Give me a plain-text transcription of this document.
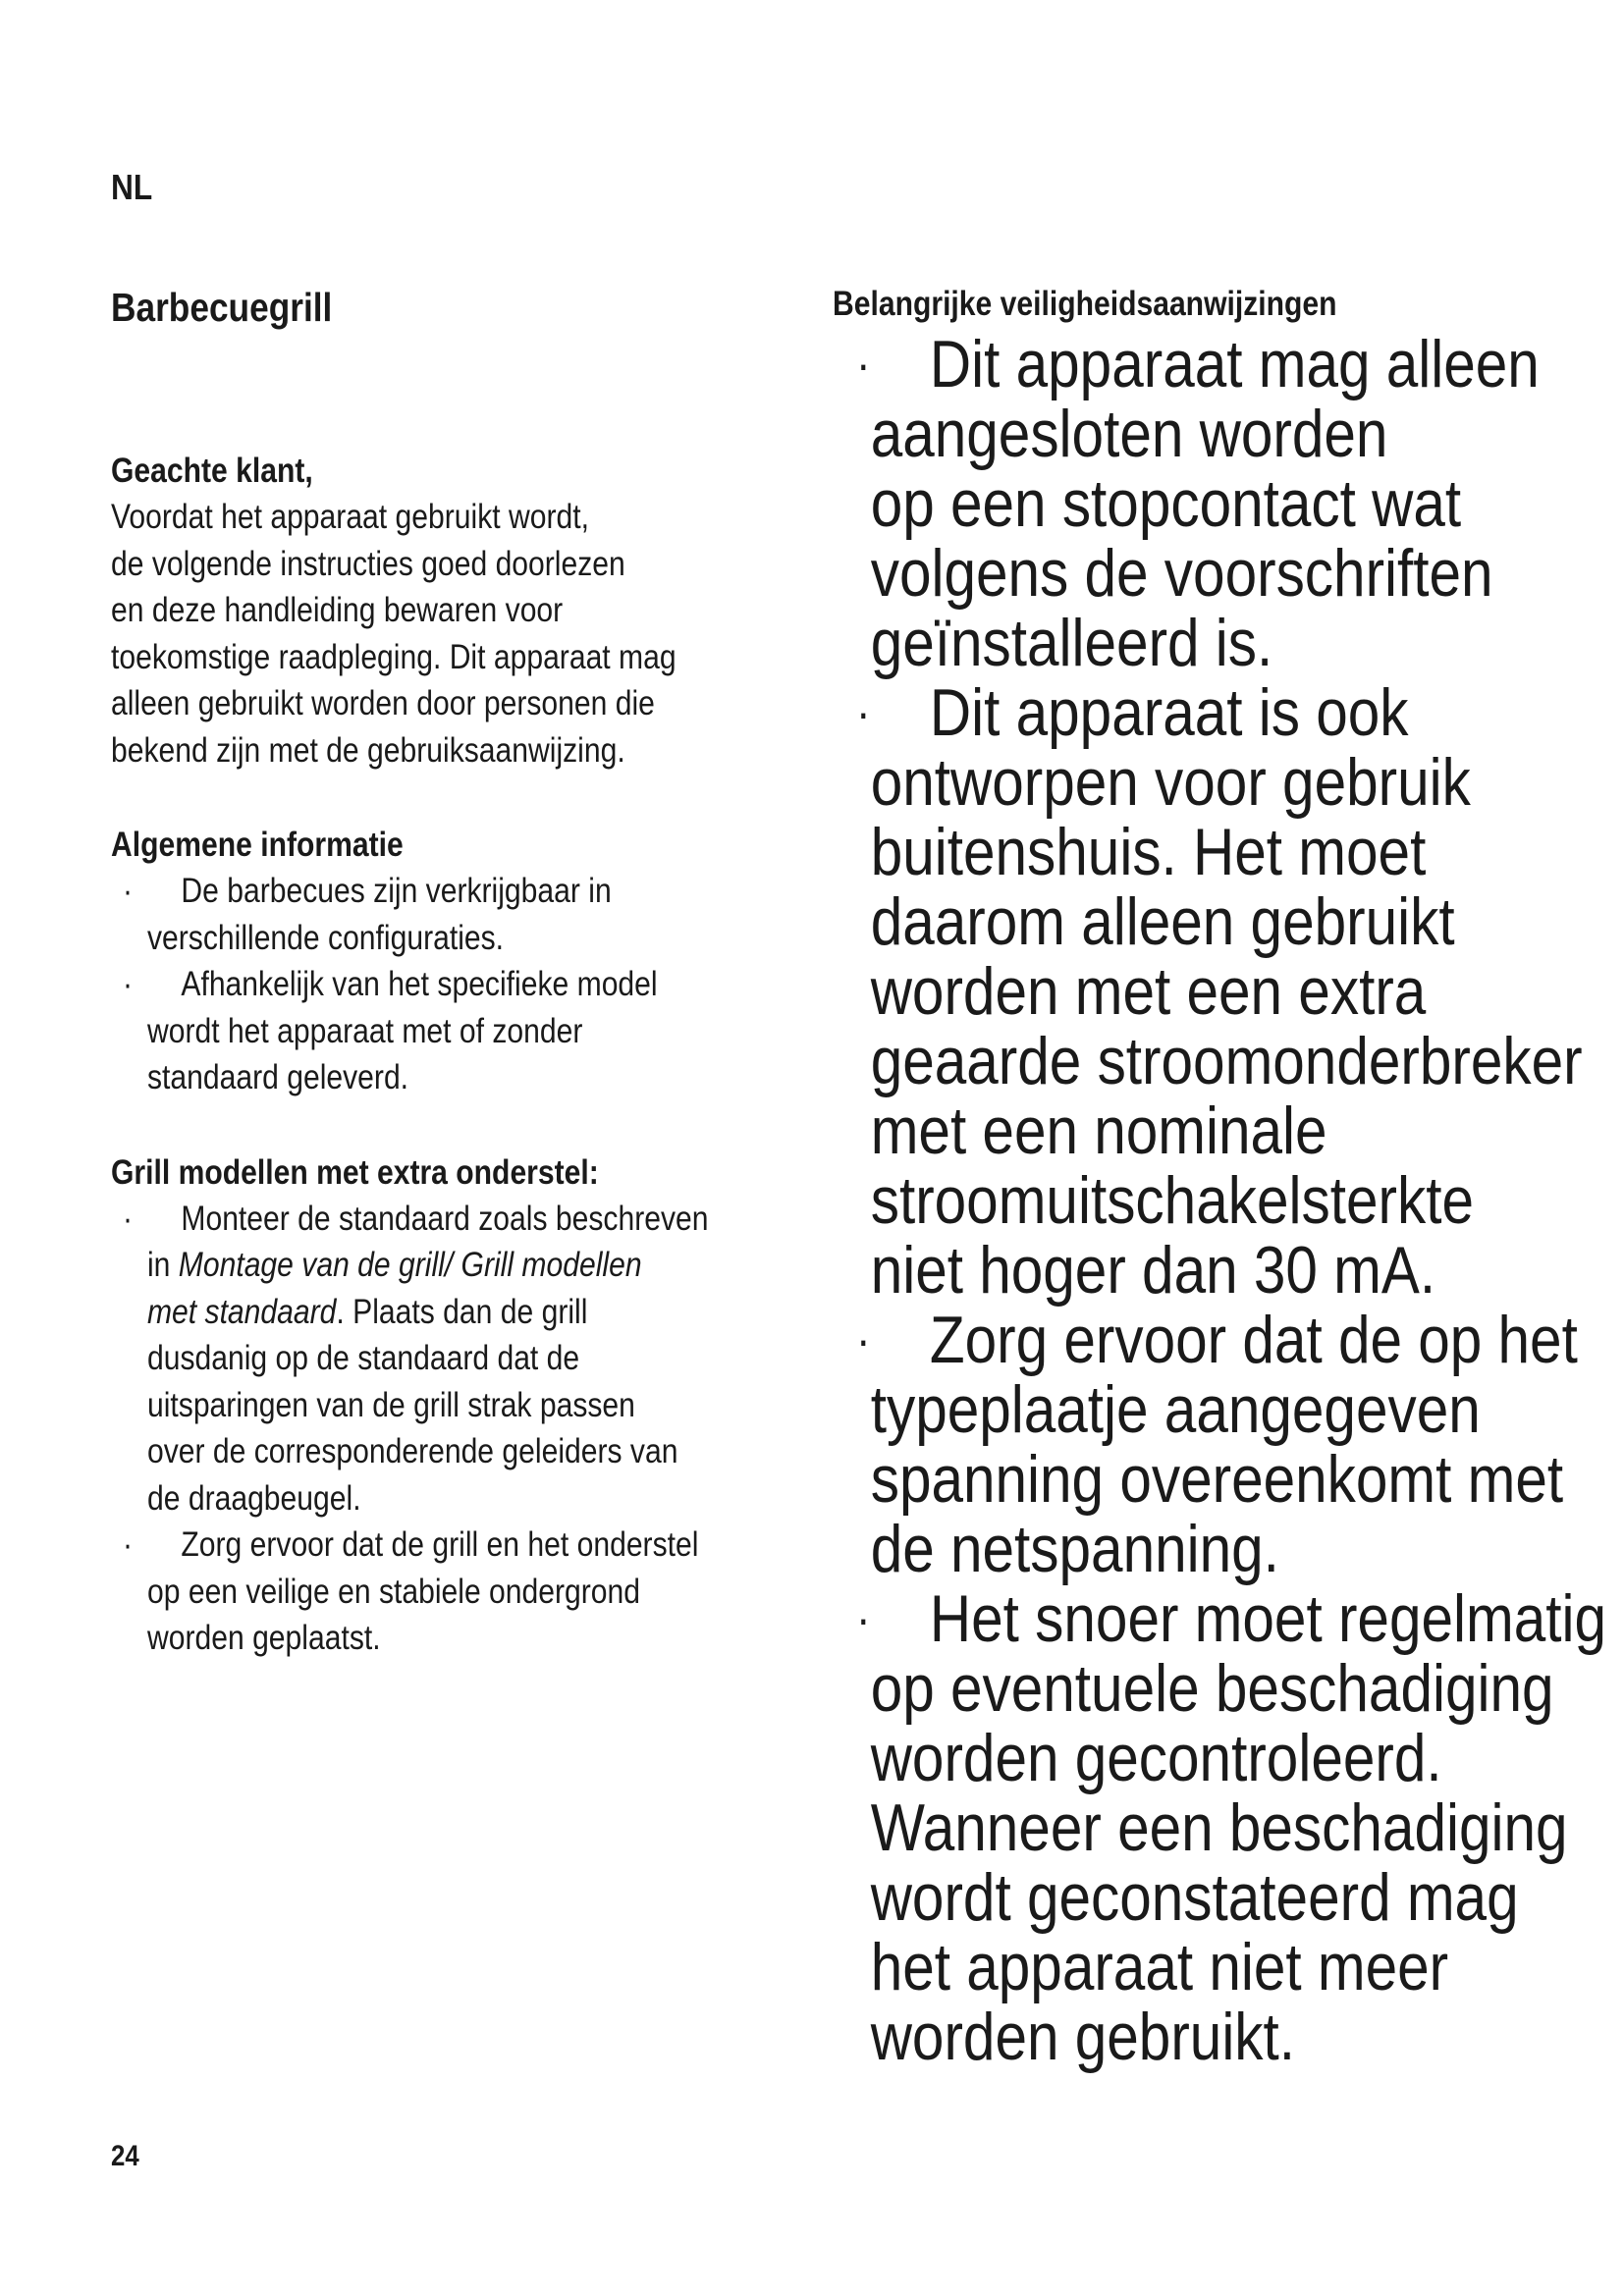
NL
Barbecuegrill
Geachte klant,
Voordat het apparaat gebruikt wordt,
de volgende instructies goed doorlezen
en deze handleiding bewaren voor
toekomstige raadpleging. Dit apparaat mag
alleen gebruikt worden door personen die
bekend zijn met de gebruiksaanwijzing.
Algemene informatie
· De barbecues zijn verkrijgbaar in
verschillende configuraties.
· Afhankelijk van het specifieke model
wordt het apparaat met of zonder
standaard geleverd.
Grill modellen met extra onderstel:
· Monteer de standaard zoals beschreven
in Montage van de grill/ Grill modellen
met standaard. Plaats dan de grill
dusdanig op de standaard dat de
uitsparingen van de grill strak passen
over de corresponderende geleiders van
de draagbeugel.
· Zorg ervoor dat de grill en het onderstel
op een veilige en stabiele ondergrond
worden geplaatst.
Belangrijke veiligheidsaanwijzingen
· Dit apparaat mag alleen
aangesloten worden
op een stopcontact wat
volgens de voorschriften
geïnstalleerd is.
· Dit apparaat is ook
ontworpen voor gebruik
buitenshuis. Het moet
daarom alleen gebruikt
worden met een extra
geaarde stroomonderbreker
met een nominale
stroomuitschakelsterkte
niet hoger dan 30 mA.
· Zorg ervoor dat de op het
typeplaatje aangegeven
spanning overeenkomt met
de netspanning.
· Het snoer moet regelmatig
op eventuele beschadiging
worden gecontroleerd.
Wanneer een beschadiging
wordt geconstateerd mag
het apparaat niet meer
worden gebruikt.
24
